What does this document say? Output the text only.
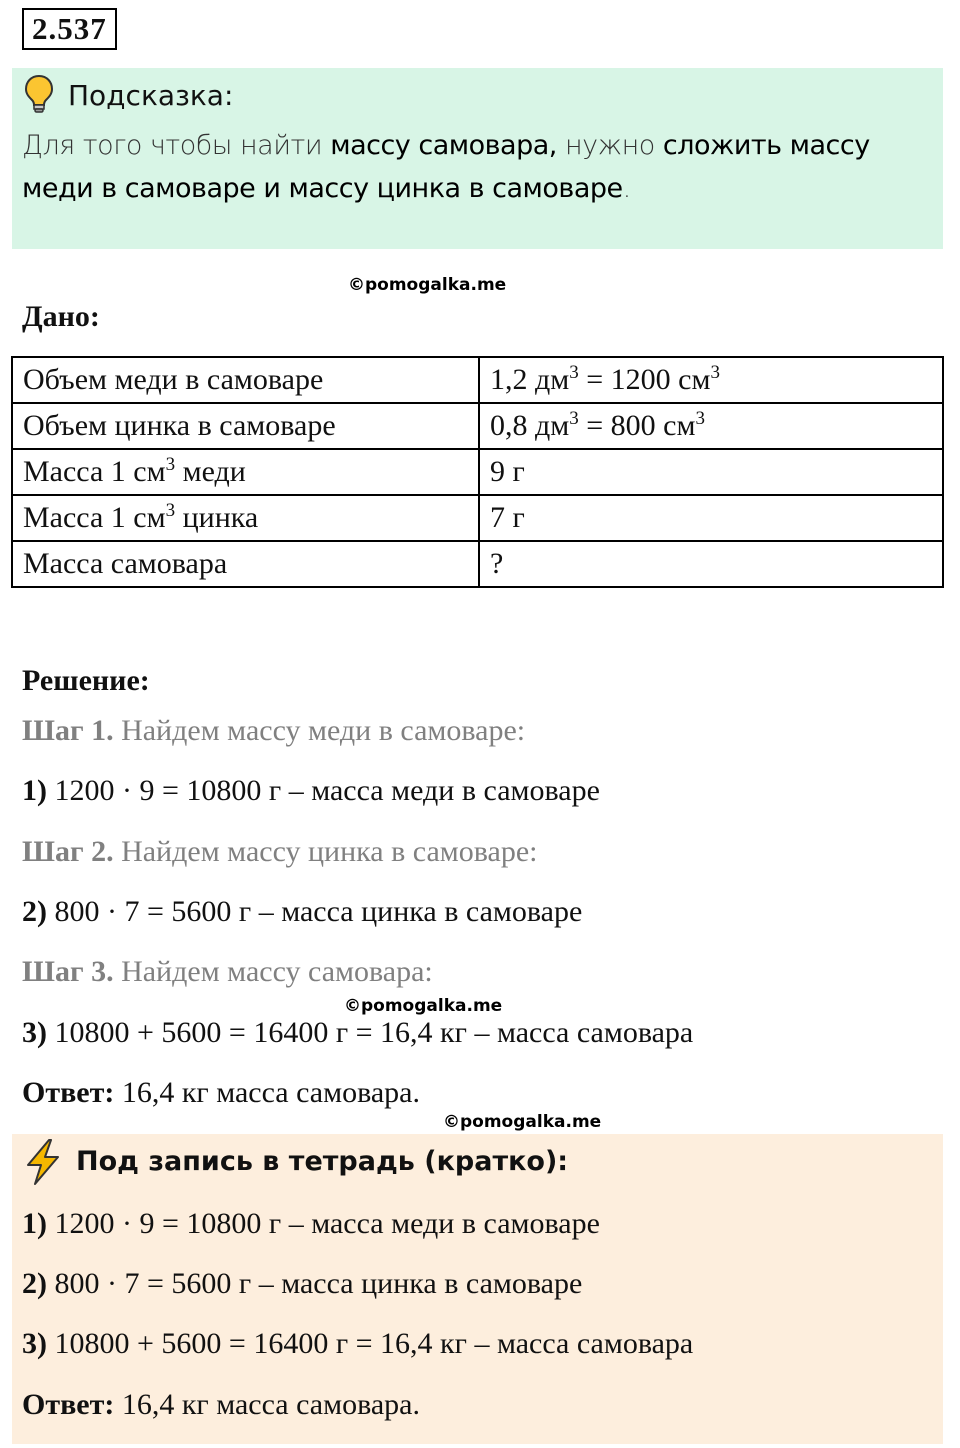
2.537
Подсказка:
Для того чтобы найти массу самовара, нужно сложить массу меди в самоваре и массу цинка в самоваре.
©pomogalka.me
Дано:
Объем меди в самоваре	1,2 $дм^3 = 1200$ $см^3$
Объем цинка в самоваре	0,8 $дм^3 = 800$ $см^3$
Масса 1 $см^3$ меди	9 г
Масса 1 $см^3$ цинка	7 г
Масса самовара	?
Решение:
Шаг 1. Найдем массу меди в самоваре:
1) 1200 · 9 = 10800 г – масса меди в самоваре
Шаг 2. Найдем массу цинка в самоваре:
2) 800 · 7 = 5600 г – масса цинка в самоваре
Шаг 3. Найдем массу самовара:
©pomogalka.me
3) 10800 + 5600 = 16400 г = 16,4 кг – масса самовара
Ответ: 16,4 кг масса самовара.
©pomogalka.me
Под запись в тетрадь (кратко):
1) 1200 · 9 = 10800 г – масса меди в самоваре
2) 800 · 7 = 5600 г – масса цинка в самоваре
3) 10800 + 5600 = 16400 г = 16,4 кг – масса самовара
Ответ: 16,4 кг масса самовара.
